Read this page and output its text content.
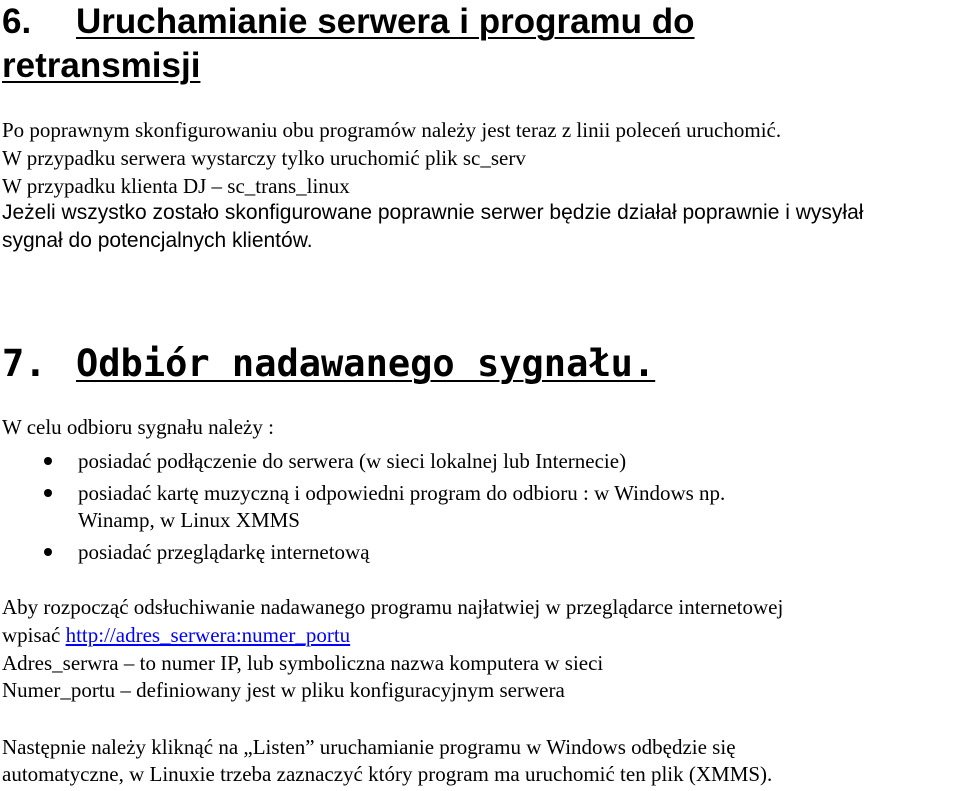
6. Uruchamianie serwera i programu do
retransmisji

Po poprawnym skonfigurowaniu obu programów należy jest teraz z linii poleceń uruchomić.

W przypadku serwera wystarczy tylko uruchomić plik sc_serv

W przypadku klienta DJ – sc_trans_linux

Jeżeli wszystko zostało skonfigurowane poprawnie serwer będzie działał poprawnie i wysyłał

sygnał do potencjalnych klientów.

7. Odbiór nadawanego sygnału.

W celu odbioru sygnału należy :

posiadać podłączenie do serwera (w sieci lokalnej lub Internecie)
posiadać kartę muzyczną i odpowiedni program do odbioru : w Windows np.
Winamp, w Linux XMMS
posiadać przeglądarkę internetową

Aby rozpocząć odsłuchiwanie nadawanego programu najłatwiej w przeglądarce internetowej

wpisać http://adres_serwera:numer_portu

Adres_serwra – to numer IP, lub symboliczna nazwa komputera w sieci

Numer_portu – definiowany jest w pliku konfiguracyjnym serwera

Następnie należy kliknąć na „Listen” uruchamianie programu w Windows odbędzie się

automatyczne, w Linuxie trzeba zaznaczyć który program ma uruchomić ten plik (XMMS).
